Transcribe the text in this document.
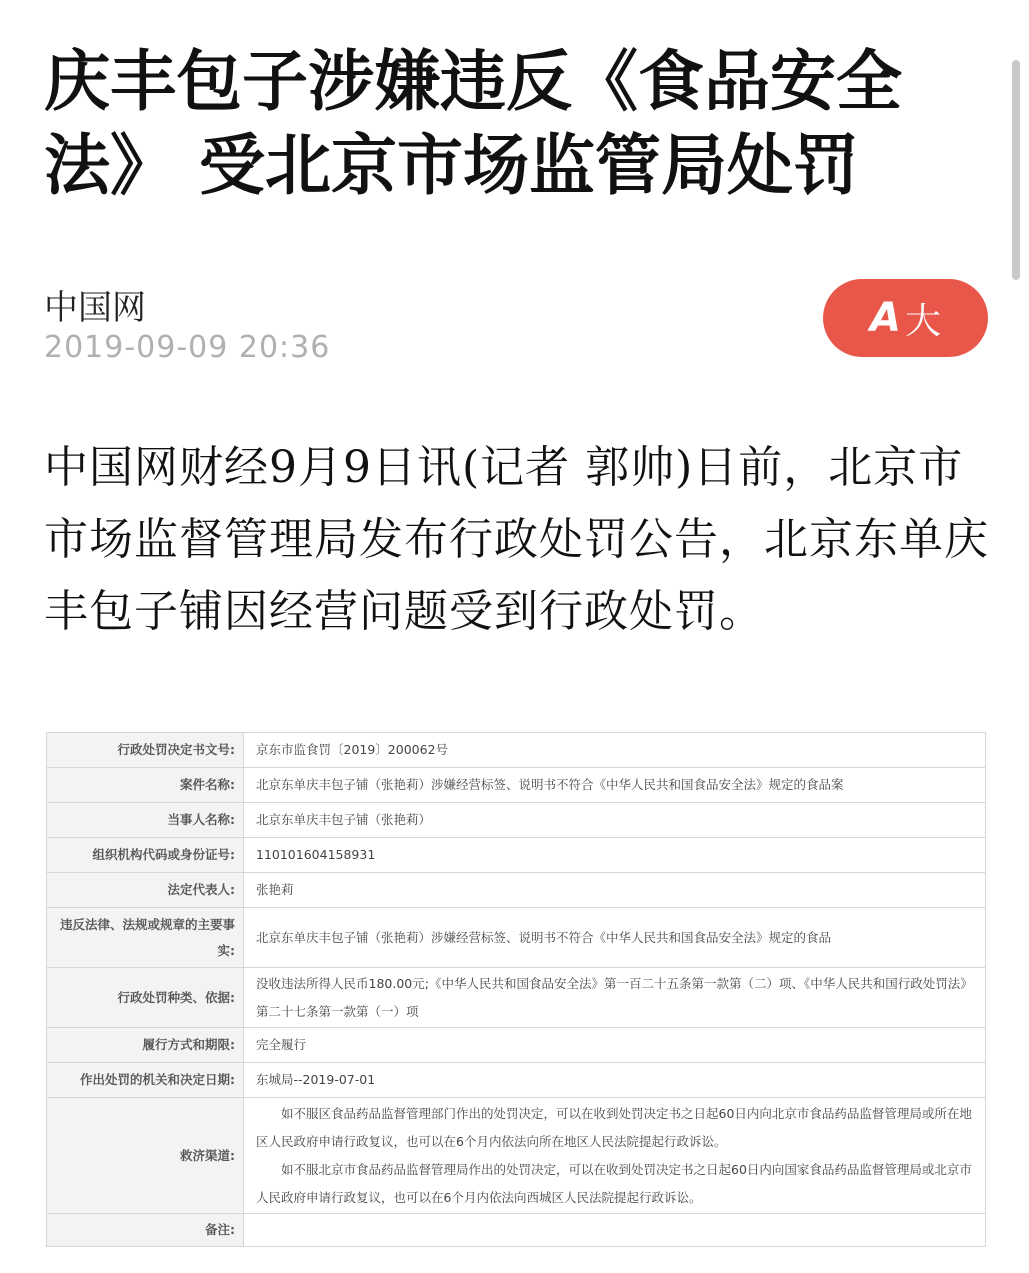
庆丰包子涉嫌违反《食品安全法》 受北京市场监管局处罚
中国网
2019-09-09 20:36
A 大

中国网财经9月9日讯(记者 郭帅)日前，北京市市场监督管理局发布行政处罚公告，北京东单庆丰包子铺因经营问题受到行政处罚。

行政处罚决定书文号:	京东市监食罚〔2019〕200062号
案件名称:	北京东单庆丰包子铺（张艳莉）涉嫌经营标签、说明书不符合《中华人民共和国食品安全法》规定的食品案
当事人名称:	北京东单庆丰包子铺（张艳莉）
组织机构代码或身份证号:	110101604158931
法定代表人:	张艳莉
违反法律、法规或规章的主要事实:	北京东单庆丰包子铺（张艳莉）涉嫌经营标签、说明书不符合《中华人民共和国食品安全法》规定的食品
行政处罚种类、依据:	没收违法所得人民币180.00元;《中华人民共和国食品安全法》第一百二十五条第一款第（二）项、《中华人民共和国行政处罚法》第二十七条第一款第（一）项
履行方式和期限:	完全履行
作出处罚的机关和决定日期:	东城局--2019-07-01
救济渠道:	如不服区食品药品监督管理部门作出的处罚决定，可以在收到处罚决定书之日起60日内向北京市食品药品监督管理局或所在地区人民政府申请行政复议，也可以在6个月内依法向所在地区人民法院提起行政诉讼。

如不服北京市食品药品监督管理局作出的处罚决定，可以在收到处罚决定书之日起60日内向国家食品药品监督管理局或北京市人民政府申请行政复议，也可以在6个月内依法向西城区人民法院提起行政诉讼。

备注:	
